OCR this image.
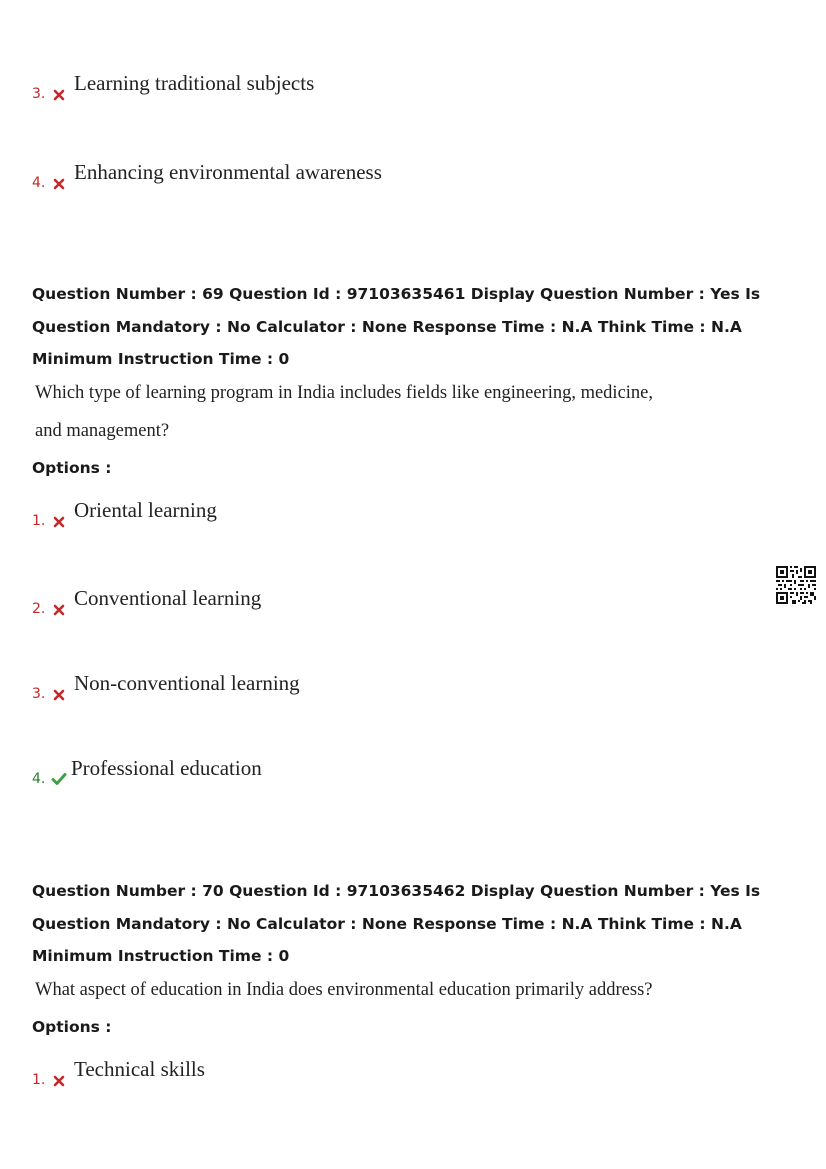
3. Learning traditional subjects
4. Enhancing environmental awareness
Question Number : 69 Question Id : 97103635461 Display Question Number : Yes Is Question Mandatory : No Calculator : None Response Time : N.A Think Time : N.A Minimum Instruction Time : 0
Which type of learning program in India includes fields like engineering, medicine,
and management?
Options :
1. Oriental learning
2. Conventional learning
3. Non-conventional learning
4. Professional education
Question Number : 70 Question Id : 97103635462 Display Question Number : Yes Is Question Mandatory : No Calculator : None Response Time : N.A Think Time : N.A Minimum Instruction Time : 0
What aspect of education in India does environmental education primarily address?
Options :
1. Technical skills
